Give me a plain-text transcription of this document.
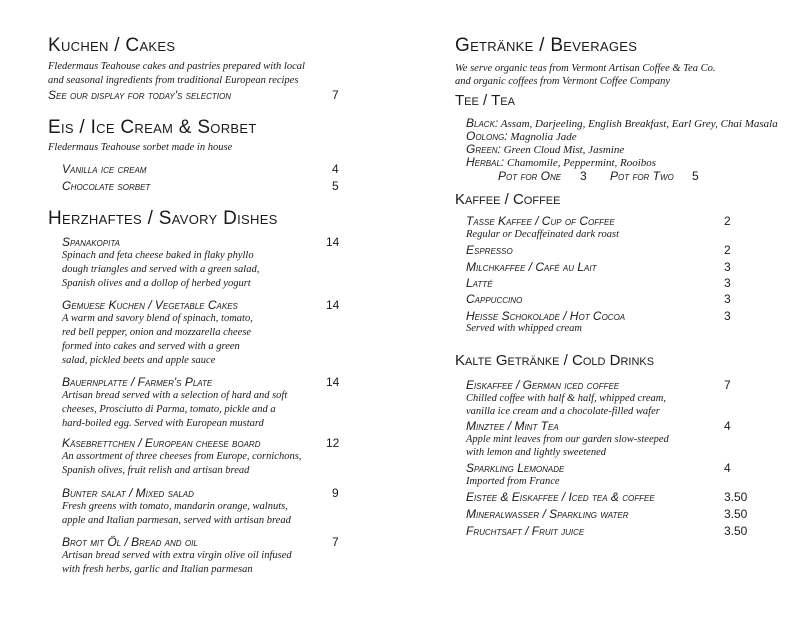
Kuchen / Cakes
Fledermaus Teahouse cakes and pastries prepared with local
and seasonal ingredients from traditional European recipes
See our display for today's selection	7
Eis / Ice Cream & Sorbet
Fledermaus Teahouse sorbet made in house
Vanilla ice cream	4
Chocolate sorbet	5
Herzhaftes / Savory Dishes
Spanakopita	14
Spinach and feta cheese baked in flaky phyllo
dough triangles and served with a green salad,
Spanish olives and a dollop of herbed yogurt
Gemuese Kuchen / Vegetable Cakes	14
A warm and savory blend of spinach, tomato,
red bell pepper, onion and mozzarella cheese
formed into cakes and served with a green
salad, pickled beets and apple sauce
Bauernplatte / Farmer's Plate	14
Artisan bread served with a selection of hard and soft
cheeses, Prosciutto di Parma, tomato, pickle and a
hard-boiled egg. Served with European mustard
Käsebrettchen / European cheese board	12
An assortment of three cheeses from Europe, cornichons,
Spanish olives, fruit relish and artisan bread
Bunter salat / Mixed salad	9
Fresh greens with tomato, mandarin orange, walnuts,
apple and Italian parmesan, served with artisan bread
Brot mit Öl / Bread and oil	7
Artisan bread served with extra virgin olive oil infused
with fresh herbs, garlic and Italian parmesan
Getränke / Beverages
We serve organic teas from Vermont Artisan Coffee & Tea Co.
and organic coffees from Vermont Coffee Company
Tee / Tea
Black: Assam, Darjeeling, English Breakfast, Earl Grey, Chai Masala
Oolong: Magnolia Jade
Green: Green Cloud Mist, Jasmine
Herbal: Chamomile, Peppermint, Rooibos
Pot for One 3 Pot for Two 5
Kaffee / Coffee
Tasse Kaffee / Cup of Coffee	2
Regular or Decaffeinated dark roast
Espresso	2
Milchkaffee / Café au Lait	3
Latté	3
Cappuccino	3
Heisse Schokolade / Hot Cocoa	3
Served with whipped cream
Kalte Getränke / Cold Drinks
Eiskaffee / German iced coffee	7
Chilled coffee with half & half, whipped cream,
vanilla ice cream and a chocolate-filled wafer
Minztee / Mint Tea	4
Apple mint leaves from our garden slow-steeped
with lemon and lightly sweetened
Sparkling Lemonade	4
Imported from France
Eistee & Eiskaffee / Iced tea & coffee	3.50
Mineralwasser / Sparkling water	3.50
Fruchtsaft / Fruit juice	3.50
